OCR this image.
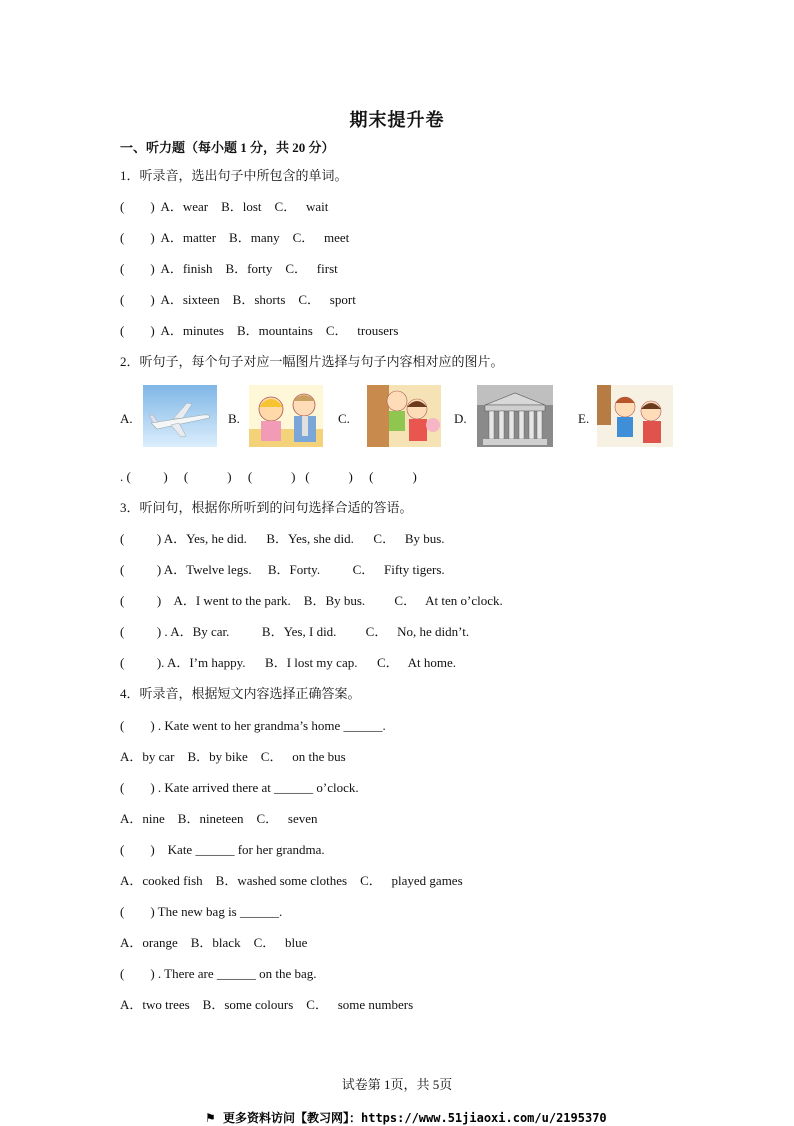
期末提升卷
一、听力题（每小题 1 分，共 20 分）
1．听录音，选出句子中所包含的单词。
(        )  A．wear    B．lost    C．   wait
(        )  A．matter    B．many    C．   meet
(        )  A．finish    B．forty    C．   first
(        )  A．sixteen    B．shorts    C．   sport
(        )  A．minutes    B．mountains    C．   trousers
2．听句子，每个句子对应一幅图片选择与句子内容相对应的图片。
A.	B.	C.	D.	E.
. (          )     (            )     (            )   (            )     (            )
3．听问句，根据你所听到的问句选择合适的答语。
(          ) A．Yes, he did.      B．Yes, she did.      C．   By bus.
(          ) A．Twelve legs.     B．Forty.          C．   Fifty tigers.
(          )    A．I went to the park.    B．By bus.         C．   At ten o’clock.
(          ) . A．By car.          B．Yes, I did.         C．   No, he didn’t.
(          ). A．I’m happy.      B．I lost my cap.      C．   At home.
4．听录音，根据短文内容选择正确答案。
(        ) . Kate went to her grandma’s home ______.
A．by car    B．by bike    C．   on the bus
(        ) . Kate arrived there at ______ o’clock.
A．nine    B．nineteen    C．   seven
(        )    Kate ______ for her grandma.
A．cooked fish    B．washed some clothes    C．   played games
(        ) The new bag is ______.
A．orange    B．black    C．   blue
(        ) . There are ______ on the bag.
A．two trees    B．some colours    C．   some numbers
试卷第 1页，共 5页
⚑ 更多资料访问【教习网】：https://www.51jiaoxi.com/u/2195370
